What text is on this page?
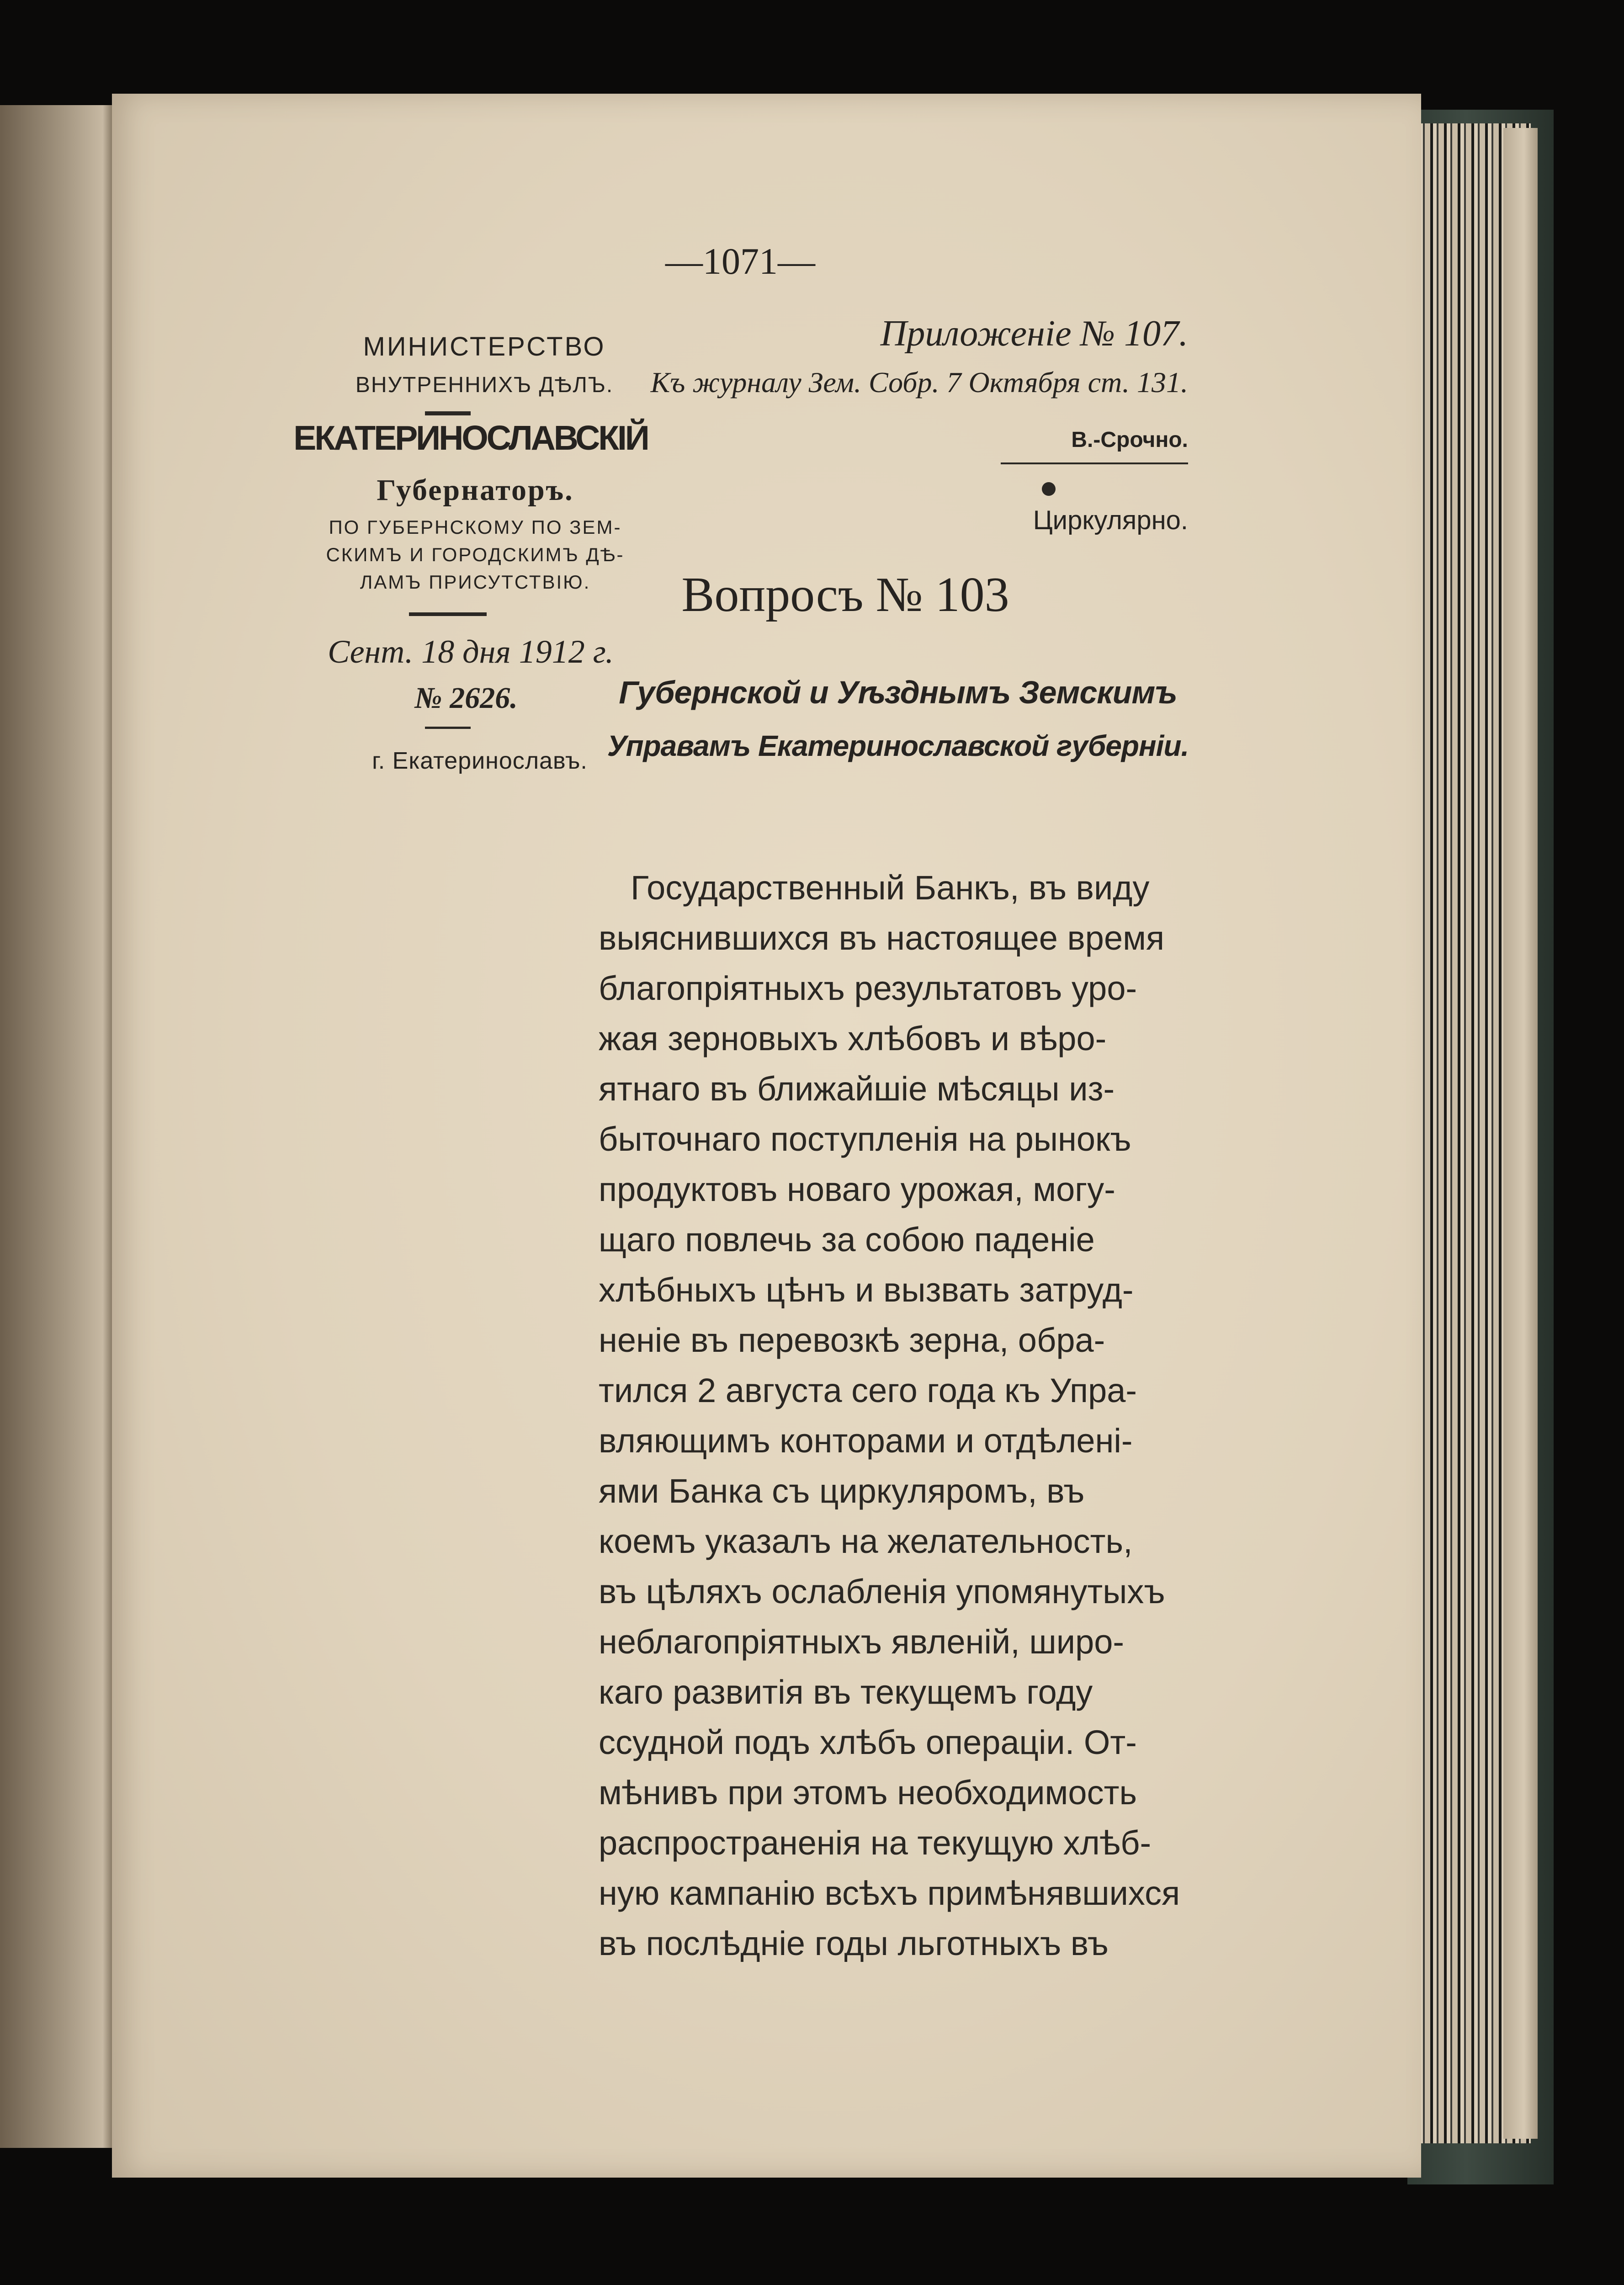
—1071—

МИНИСТЕРСТВО

ВНУТРЕННИХЪ ДѢЛЪ.

ЕКАТЕРИНОСЛАВСКІЙ

Губернаторъ.

ПО ГУБЕРНСКОМУ ПО ЗЕМ-

СКИМЪ И ГОРОДСКИМЪ ДѢ-

ЛАМЪ ПРИСУТСТВІЮ.

Сент. 18 дня 1912 г.

№ 2626.

г. Екатеринославъ.

Приложеніе № 107.

Къ журналу Зем. Собр. 7 Октября ст. 131.

В.-Срочно.

Циркулярно.

Вопросъ № 103

Губернской и Уѣзднымъ Земскимъ

Управамъ Екатеринославской губерніи.

Государственный Банкъ, въ виду

выяснившихся въ настоящее время

благопріятныхъ результатовъ уро-

жая зерновыхъ хлѣбовъ и вѣро-

ятнаго въ ближайшіе мѣсяцы из-

быточнаго поступленія на рынокъ

продуктовъ новаго урожая, могу-

щаго повлечь за собою паденіе

хлѣбныхъ цѣнъ и вызвать затруд-

неніе въ перевозкѣ зерна, обра-

тился 2 августа сего года къ Упра-

вляющимъ конторами и отдѣлені-

ями Банка съ циркуляромъ, въ

коемъ указалъ на желательность,

въ цѣляхъ ослабленія упомянутыхъ

неблагопріятныхъ явленій, широ-

каго развитія въ текущемъ году

ссудной подъ хлѣбъ операціи. От-

мѣнивъ при этомъ необходимость

распространенія на текущую хлѣб-

ную кампанію всѣхъ примѣнявшихся

въ послѣдніе годы льготныхъ въ
